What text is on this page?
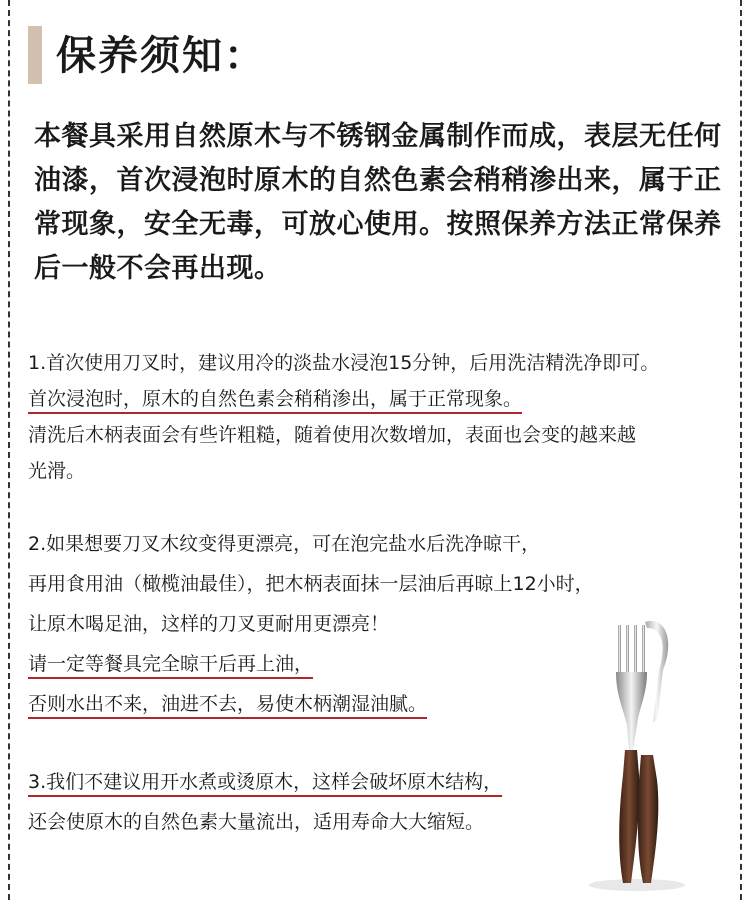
保养须知：
本餐具采用自然原木与不锈钢金属制作而成，表层无任何油漆，首次浸泡时原木的自然色素会稍稍渗出来，属于正常现象，安全无毒，可放心使用。按照保养方法正常保养后一般不会再出现。
1.首次使用刀叉时，建议用冷的淡盐水浸泡15分钟，后用洗洁精洗净即可。
首次浸泡时，原木的自然色素会稍稍渗出，属于正常现象。
清洗后木柄表面会有些许粗糙，随着使用次数增加，表面也会变的越来越
光滑。
2.如果想要刀叉木纹变得更漂亮，可在泡完盐水后洗净晾干，
再用食用油（橄榄油最佳），把木柄表面抹一层油后再晾上12小时，
让原木喝足油，这样的刀叉更耐用更漂亮！
请一定等餐具完全晾干后再上油，
否则水出不来，油进不去，易使木柄潮湿油腻。
3.我们不建议用开水煮或烫原木，这样会破坏原木结构，
还会使原木的自然色素大量流出，适用寿命大大缩短。
